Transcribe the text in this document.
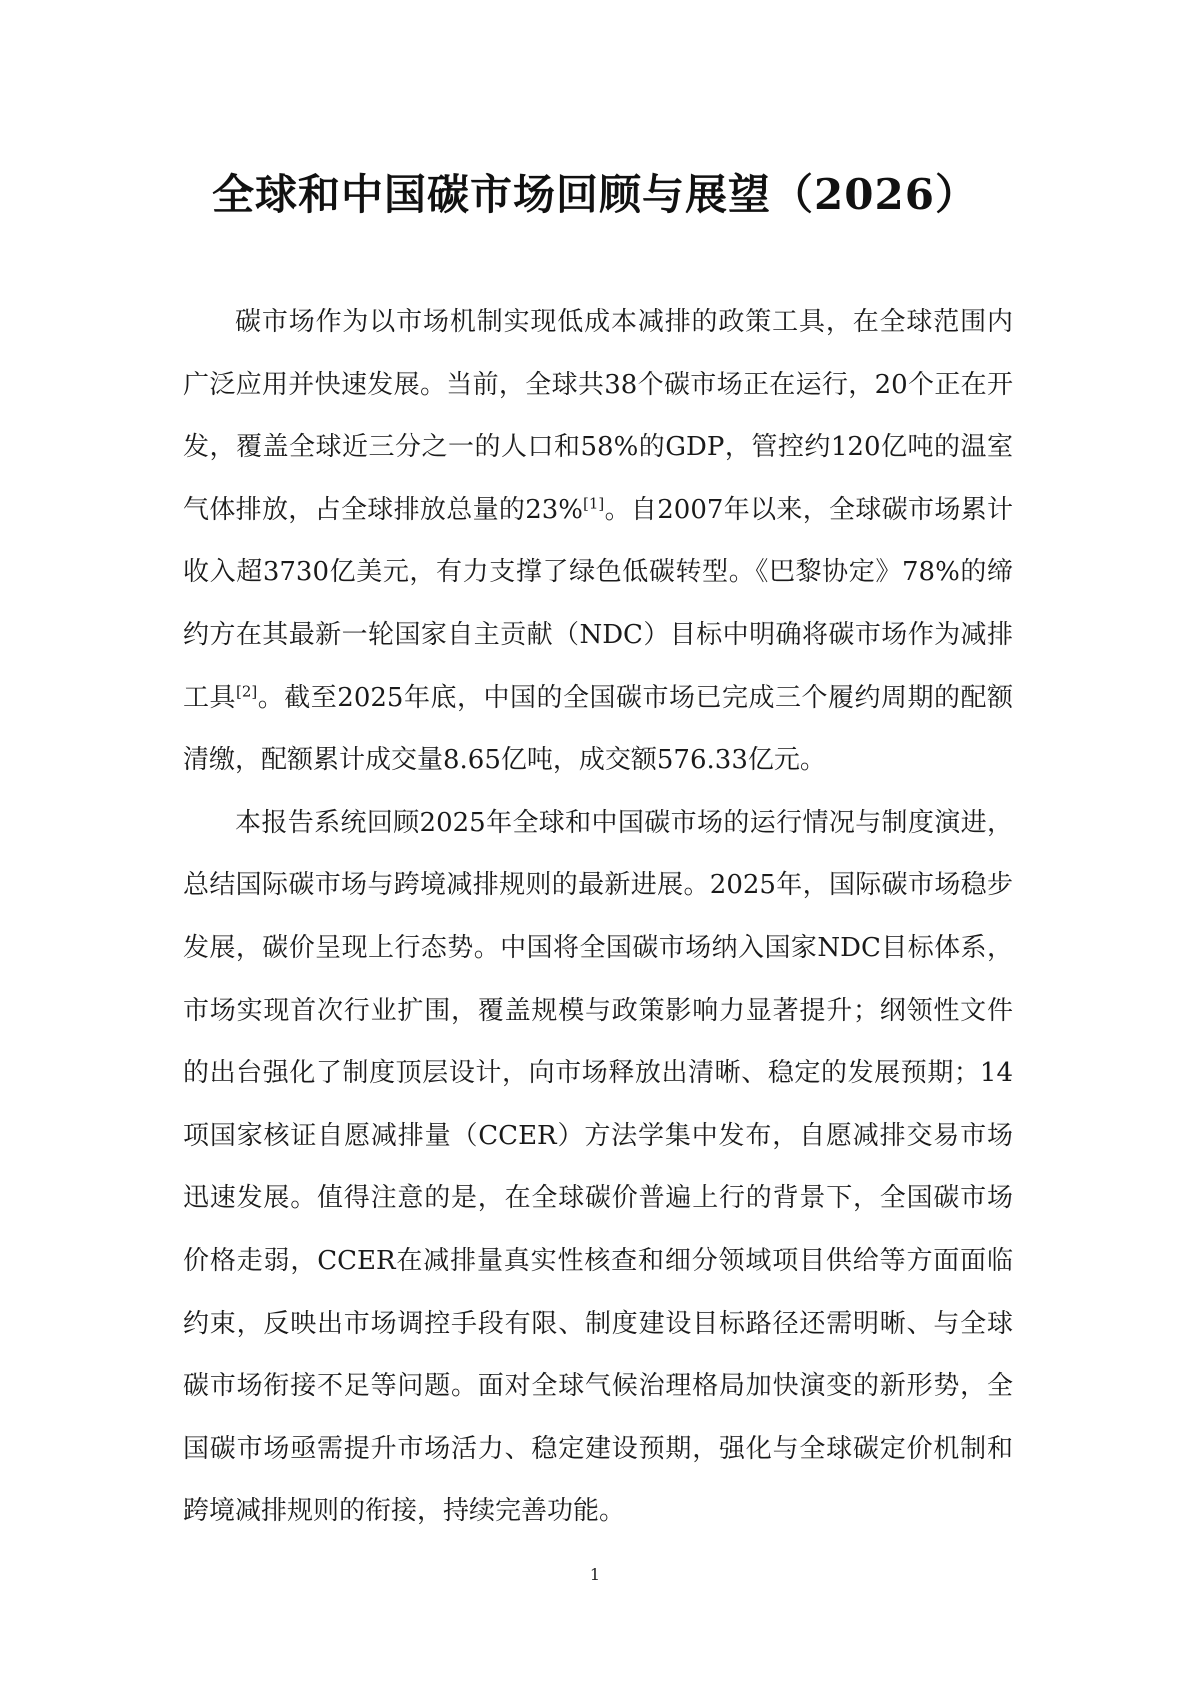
全球和中国碳市场回顾与展望（2026）

碳市场作为以市场机制实现低成本减排的政策工具，在全球范围内广泛应用并快速发展。当前，全球共38个碳市场正在运行，20个正在开发，覆盖全球近三分之一的人口和58%的GDP，管控约120亿吨的温室气体排放，占全球排放总量的23%[1]。自2007年以来，全球碳市场累计收入超3730亿美元，有力支撑了绿色低碳转型。《巴黎协定》78%的缔约方在其最新一轮国家自主贡献（NDC）目标中明确将碳市场作为减排工具[2]。截至2025年底，中国的全国碳市场已完成三个履约周期的配额清缴，配额累计成交量8.65亿吨，成交额576.33亿元。

本报告系统回顾2025年全球和中国碳市场的运行情况与制度演进，总结国际碳市场与跨境减排规则的最新进展。2025年，国际碳市场稳步发展，碳价呈现上行态势。中国将全国碳市场纳入国家NDC目标体系，市场实现首次行业扩围，覆盖规模与政策影响力显著提升；纲领性文件的出台强化了制度顶层设计，向市场释放出清晰、稳定的发展预期；14项国家核证自愿减排量（CCER）方法学集中发布，自愿减排交易市场迅速发展。值得注意的是，在全球碳价普遍上行的背景下，全国碳市场价格走弱，CCER在减排量真实性核查和细分领域项目供给等方面面临约束，反映出市场调控手段有限、制度建设目标路径还需明晰、与全球碳市场衔接不足等问题。面对全球气候治理格局加快演变的新形势，全国碳市场亟需提升市场活力、稳定建设预期，强化与全球碳定价机制和跨境减排规则的衔接，持续完善功能。

1
